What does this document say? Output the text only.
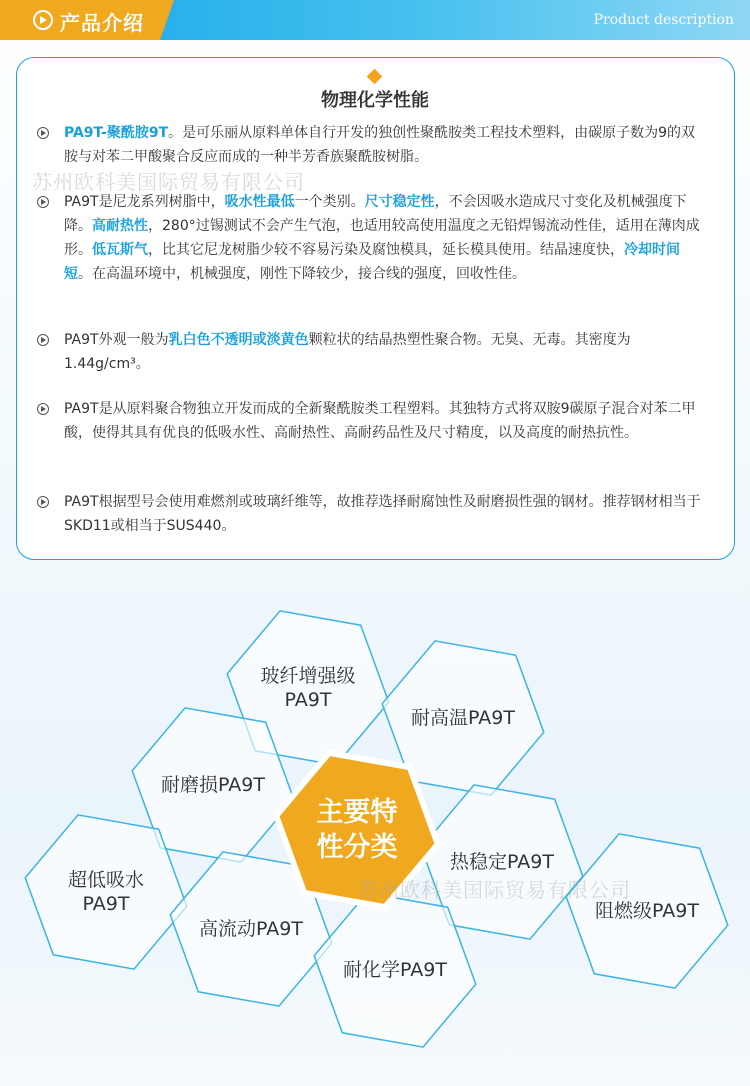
产品介绍	Product description
物理化学性能

PA9T-聚酰胺9T。是可乐丽从原料单体自行开发的独创性聚酰胺类工程技术塑料，由碳原子数为9的双胺与对苯二甲酸聚合反应而成的一种半芳香族聚酰胺树脂。

PA9T是尼龙系列树脂中，吸水性最低一个类别。尺寸稳定性，不会因吸水造成尺寸变化及机械强度下降。高耐热性，280°过锡测试不会产生气泡，也适用较高使用温度之无铅焊锡流动性佳，适用在薄肉成形。低瓦斯气，比其它尼龙树脂少较不容易污染及腐蚀模具，延长模具使用。结晶速度快，冷却时间短。在高温环境中，机械强度，刚性下降较少，接合线的强度，回收性佳。

PA9T外观一般为乳白色不透明或淡黄色颗粒状的结晶热塑性聚合物。无臭、无毒。其密度为1.44g/cm³。

PA9T是从原料聚合物独立开发而成的全新聚酰胺类工程塑料。其独特方式将双胺9碳原子混合对苯二甲酸，使得其具有优良的低吸水性、高耐热性、高耐药品性及尺寸精度，以及高度的耐热抗性。

PA9T根据型号会使用难燃剂或玻璃纤维等，故推荐选择耐腐蚀性及耐磨损性强的钢材。推荐钢材相当于SKD11或相当于SUS440。

苏州欧科美国际贸易有限公司
玻纤增强级
PA9T
耐高温PA9T
耐磨损PA9T
热稳定PA9T
超低吸水
PA9T
高流动PA9T
阻燃级PA9T
耐化学PA9T
主要特
性分类
苏州欧科美国际贸易有限公司
